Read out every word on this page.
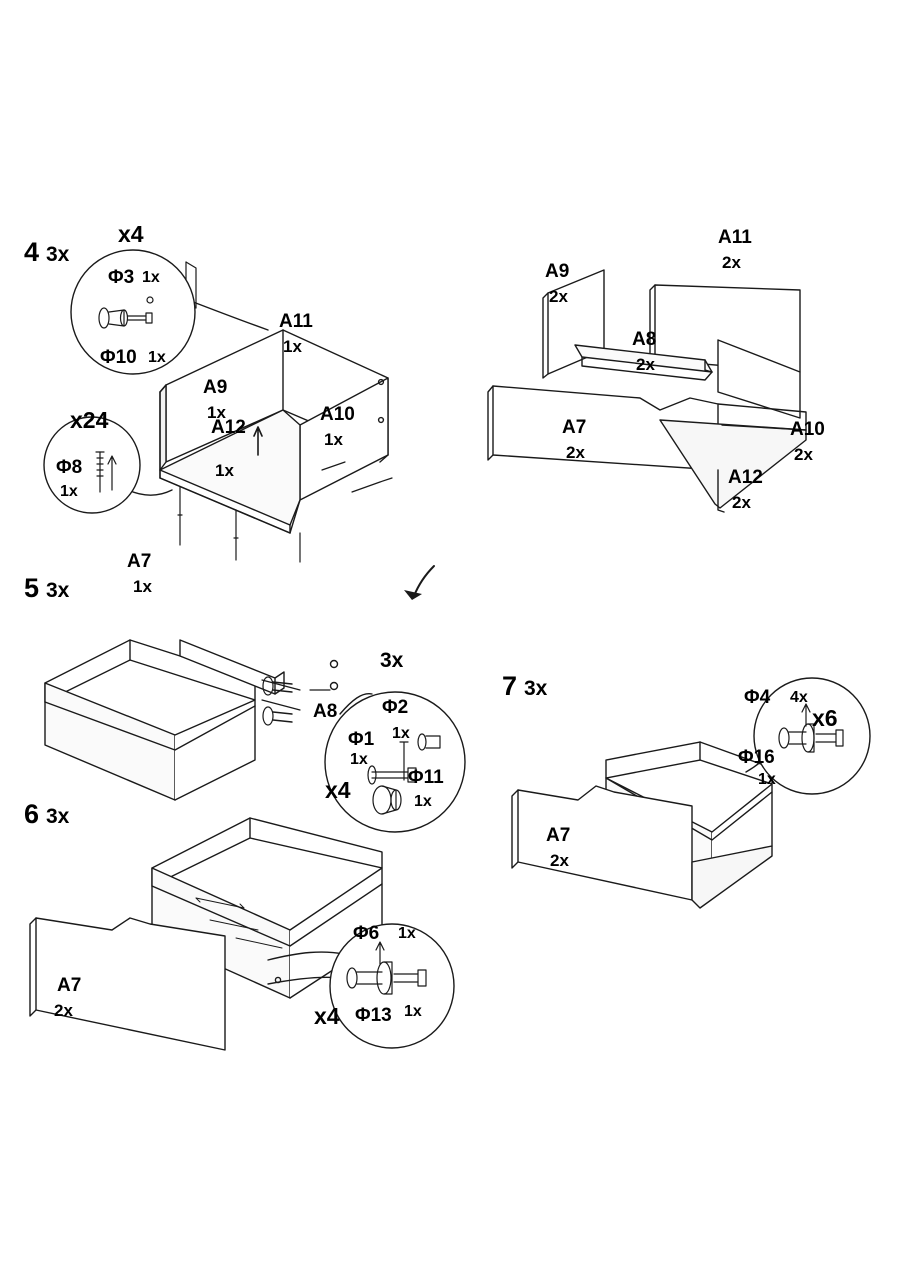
4 3x
x4
Φ3 1x
Φ10 1x
x24
Φ8
1x
A11
1x
A9
1x	A10
1x
A12
1x
A7
1x
A11
2x
A9
2x
A8
2x
A7
2x
A10
2x
A12
2x
5 3x
3x
A8
x4
Φ2
1x
Φ1
1x
Φ11
1x
6 3x
A7
2x	x4
Φ6 1x
Φ13 1x
7 3x
A7
2x
x6
Φ4 4x
Φ16
1x
